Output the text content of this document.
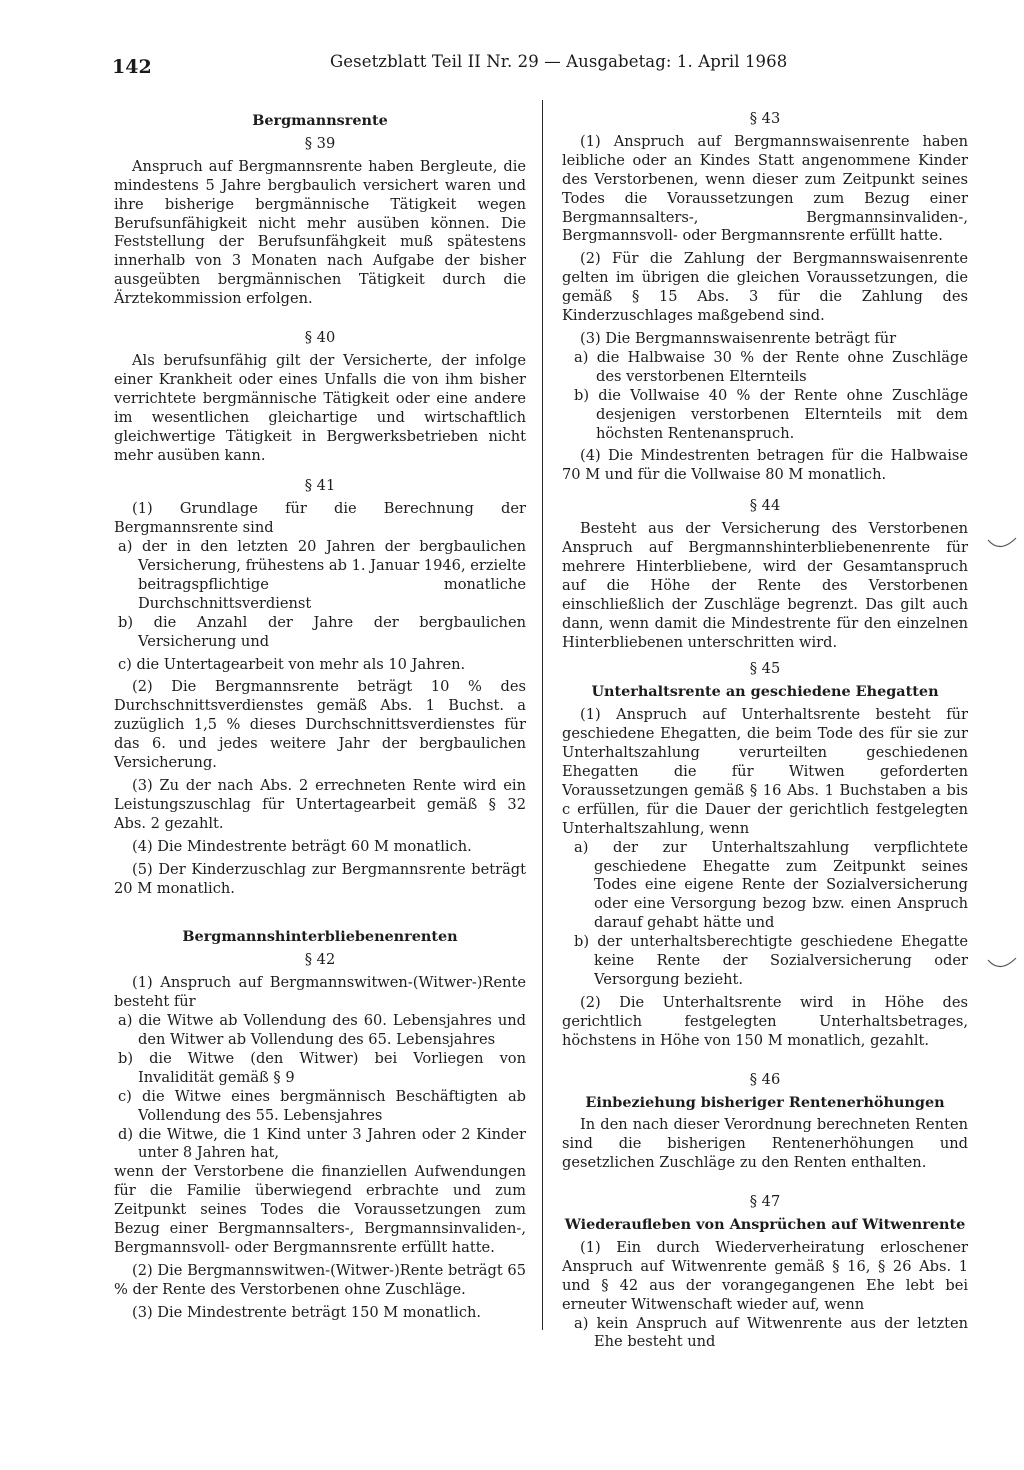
142	Gesetzblatt Teil II Nr. 29 — Ausgabetag: 1. April 1968

Bergmannsrente

§ 39

Anspruch auf Bergmannsrente haben Bergleute, die mindestens 5 Jahre bergbaulich versichert waren und ihre bisherige bergmännische Tätigkeit wegen Berufsunfähigkeit nicht mehr ausüben können. Die Feststellung der Berufsunfähgkeit muß spätestens innerhalb von 3 Monaten nach Aufgabe der bisher ausgeübten bergmännischen Tätigkeit durch die Ärztekommission erfolgen.

§ 40

Als berufsunfähig gilt der Versicherte, der infolge einer Krankheit oder eines Unfalls die von ihm bisher verrichtete bergmännische Tätigkeit oder eine andere im wesentlichen gleichartige und wirtschaftlich gleichwertige Tätigkeit in Bergwerksbetrieben nicht mehr ausüben kann.

§ 41

(1) Grundlage für die Berechnung der Bergmannsrente sind

a) der in den letzten 20 Jahren der bergbaulichen Versicherung, frühestens ab 1. Januar 1946, erzielte beitragspflichtige monatliche Durchschnittsverdienst

b) die Anzahl der Jahre der bergbaulichen Versicherung und

c) die Untertagearbeit von mehr als 10 Jahren.

(2) Die Bergmannsrente beträgt 10 % des Durchschnittsverdienstes gemäß Abs. 1 Buchst. a zuzüglich 1,5 % dieses Durchschnittsverdienstes für das 6. und jedes weitere Jahr der bergbaulichen Versicherung.

(3) Zu der nach Abs. 2 errechneten Rente wird ein Leistungszuschlag für Untertagearbeit gemäß § 32 Abs. 2 gezahlt.

(4) Die Mindestrente beträgt 60 M monatlich.

(5) Der Kinderzuschlag zur Bergmannsrente beträgt 20 M monatlich.

Bergmannshinterbliebenenrenten

§ 42

(1) Anspruch auf Bergmannswitwen-(Witwer-)Rente besteht für

a) die Witwe ab Vollendung des 60. Lebensjahres und den Witwer ab Vollendung des 65. Lebensjahres

b) die Witwe (den Witwer) bei Vorliegen von Invalidität gemäß § 9

c) die Witwe eines bergmännisch Beschäftigten ab Vollendung des 55. Lebensjahres

d) die Witwe, die 1 Kind unter 3 Jahren oder 2 Kinder unter 8 Jahren hat,

wenn der Verstorbene die finanziellen Aufwendungen für die Familie überwiegend erbrachte und zum Zeitpunkt seines Todes die Voraussetzungen zum Bezug einer Bergmannsalters-, Bergmannsinvaliden-, Bergmannsvoll- oder Bergmannsrente erfüllt hatte.

(2) Die Bergmannswitwen-(Witwer-)Rente beträgt 65 % der Rente des Verstorbenen ohne Zuschläge.

(3) Die Mindestrente beträgt 150 M monatlich.

§ 43

(1) Anspruch auf Bergmannswaisenrente haben leibliche oder an Kindes Statt angenommene Kinder des Verstorbenen, wenn dieser zum Zeitpunkt seines Todes die Voraussetzungen zum Bezug einer Bergmannsalters-, Bergmannsinvaliden-, Bergmannsvoll- oder Bergmannsrente erfüllt hatte.

(2) Für die Zahlung der Bergmannswaisenrente gelten im übrigen die gleichen Voraussetzungen, die gemäß § 15 Abs. 3 für die Zahlung des Kinderzuschlages maßgebend sind.

(3) Die Bergmannswaisenrente beträgt für

a) die Halbwaise 30 % der Rente ohne Zuschläge des verstorbenen Elternteils

b) die Vollwaise 40 % der Rente ohne Zuschläge desjenigen verstorbenen Elternteils mit dem höchsten Rentenanspruch.

(4) Die Mindestrenten betragen für die Halbwaise 70 M und für die Vollwaise 80 M monatlich.

§ 44

Besteht aus der Versicherung des Verstorbenen Anspruch auf Bergmannshinterbliebenenrente für mehrere Hinterbliebene, wird der Gesamtanspruch auf die Höhe der Rente des Verstorbenen einschließlich der Zuschläge begrenzt. Das gilt auch dann, wenn damit die Mindestrente für den einzelnen Hinterbliebenen unterschritten wird.

§ 45

Unterhaltsrente an geschiedene Ehegatten

(1) Anspruch auf Unterhaltsrente besteht für geschiedene Ehegatten, die beim Tode des für sie zur Unterhaltszahlung verurteilten geschiedenen Ehegatten die für Witwen geforderten Voraussetzungen gemäß § 16 Abs. 1 Buchstaben a bis c erfüllen, für die Dauer der gerichtlich festgelegten Unterhaltszahlung, wenn

a) der zur Unterhaltszahlung verpflichtete geschiedene Ehegatte zum Zeitpunkt seines Todes eine eigene Rente der Sozialversicherung oder eine Versorgung bezog bzw. einen Anspruch darauf gehabt hätte und

b) der unterhaltsberechtigte geschiedene Ehegatte keine Rente der Sozialversicherung oder Versorgung bezieht.

(2) Die Unterhaltsrente wird in Höhe des gerichtlich festgelegten Unterhaltsbetrages, höchstens in Höhe von 150 M monatlich, gezahlt.

§ 46

Einbeziehung bisheriger Rentenerhöhungen

In den nach dieser Verordnung berechneten Renten sind die bisherigen Rentenerhöhungen und gesetzlichen Zuschläge zu den Renten enthalten.

§ 47

Wiederaufleben von Ansprüchen auf Witwenrente

(1) Ein durch Wiederverheiratung erloschener Anspruch auf Witwenrente gemäß § 16, § 26 Abs. 1 und § 42 aus der vorangegangenen Ehe lebt bei erneuter Witwenschaft wieder auf, wenn

a) kein Anspruch auf Witwenrente aus der letzten Ehe besteht und
